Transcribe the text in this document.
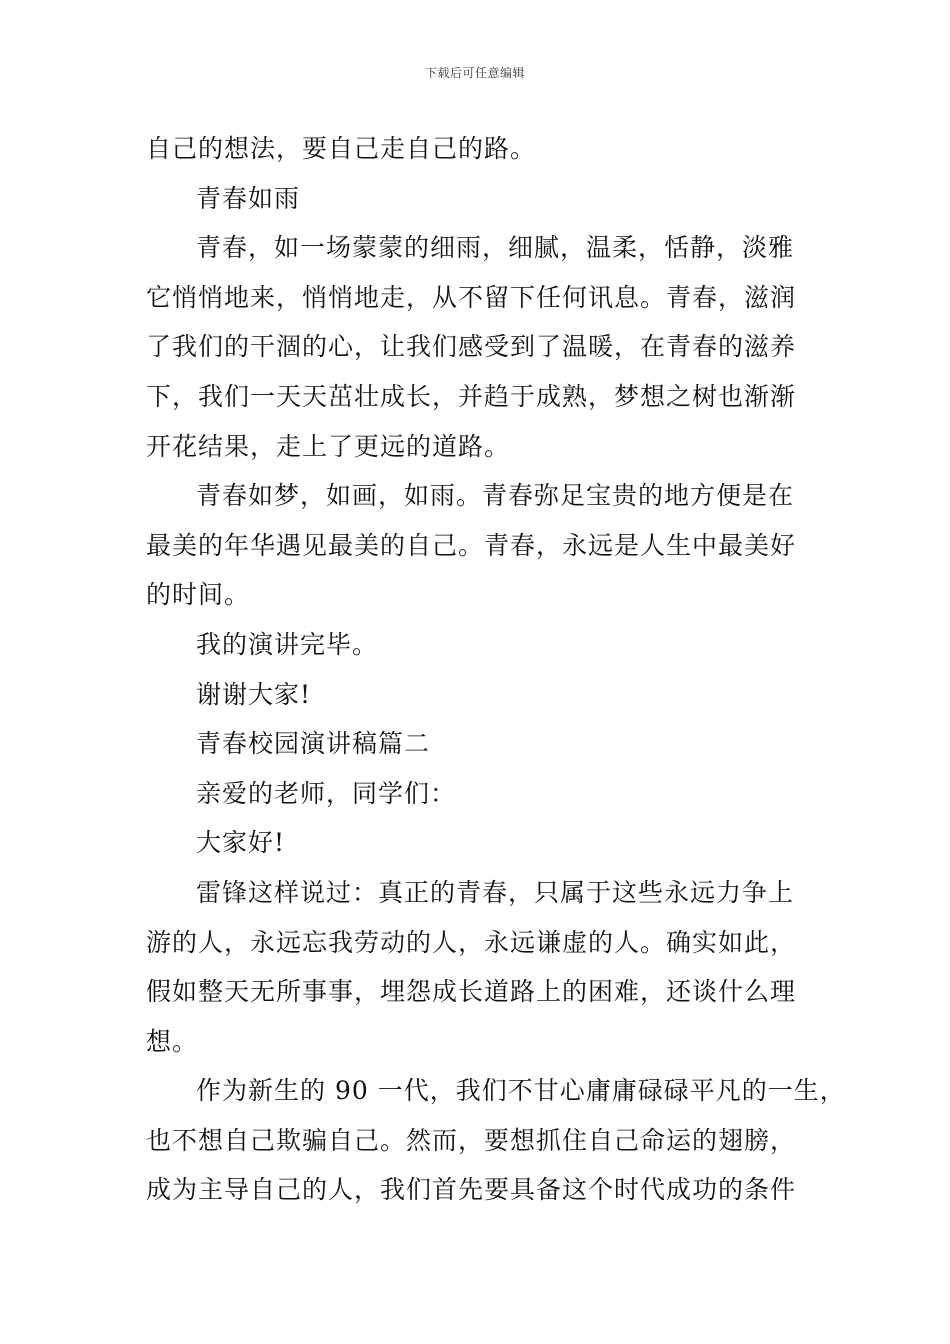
下载后可任意编辑
自己的想法，要自己走自己的路。
青春如雨
青春，如一场蒙蒙的细雨，细腻，温柔，恬静，淡雅
它悄悄地来，悄悄地走，从不留下任何讯息。青春，滋润
了我们的干涸的心，让我们感受到了温暖，在青春的滋养
下，我们一天天茁壮成长，并趋于成熟，梦想之树也渐渐
开花结果，走上了更远的道路。
青春如梦，如画，如雨。青春弥足宝贵的地方便是在
最美的年华遇见最美的自己。青春，永远是人生中最美好
的时间。
我的演讲完毕。
谢谢大家!
青春校园演讲稿篇二
亲爱的老师，同学们：
大家好!
雷锋这样说过：真正的青春，只属于这些永远力争上
游的人，永远忘我劳动的人，永远谦虚的人。确实如此，
假如整天无所事事，埋怨成长道路上的困难，还谈什么理
想。
作为新生的 90 一代，我们不甘心庸庸碌碌平凡的一生，
也不想自己欺骗自己。然而，要想抓住自己命运的翅膀，
成为主导自己的人，我们首先要具备这个时代成功的条件
